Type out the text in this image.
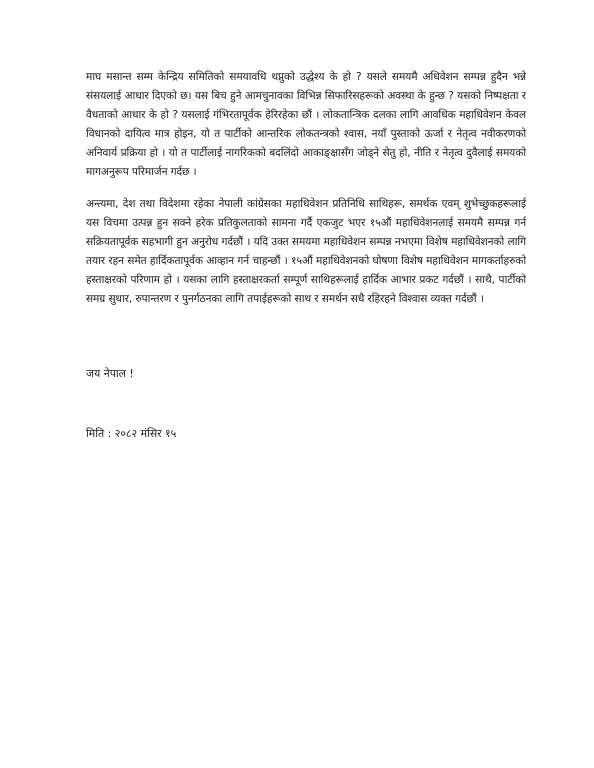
माघ मसान्त सम्म केन्द्रिय समितिको समयावधि थप्नुको उद्धेश्य के हो ? यसले समयमै अधिवेशन सम्पन्न हुदैन भन्ने संसयलाई आधार दिएको छ। यस बिच हुने आमचुनावका विभिन्न सिफारिसहरूको अवस्था के हुन्छ ? यसको निष्पक्षता र वैधताको आधार के हो ? यसलाई गंभिरतापूर्वक हेरिरहेका छौं । लोकतान्त्रिक दलका लागि आवधिक महाधिवेशन केवल विधानको दायित्व मात्र होइन, यो त पार्टीको आन्तरिक लोकतन्त्रको श्वास, नयाँ पुस्ताको ऊर्जा र नेतृत्व नवीकरणको अनिवार्य प्रक्रिया हो । यो त पार्टीलाई नागरिकको बदलिंदो आकाङ्क्षासँग जोड्ने सेतु हो, नीति र नेतृत्व दुवैलाई समयको मागअनुरूप परिमार्जन गर्दछ ।

अन्त्यमा, देश तथा विदेशमा रहेका नेपाली कांग्रेसका महाधिवेशन प्रतिनिधि साथिहरू, समर्थक एवम् शुभेच्छुकहरूलाई यस विचमा उत्पन्न हुन सक्ने हरेक प्रतिकुलताको सामना गर्दै एकजुट भएर १५औं महाधिवेशनलाई समयमै सम्पन्न गर्न सक्रियतापूर्वक सहभागी हुन अनुरोध गर्दछौं । यदि उक्त समयमा महाधिवेशन सम्पन्न नभएमा विशेष महाधिवेशनको लागि तयार रहन समेत हार्दिकतापूर्वक आव्हान गर्न चाहन्छौं । १५औं महाधिवेशनको घोषणा विशेष महाधिवेशन मागकर्ताहरुको हस्ताक्षरको परिणाम हो । यसका लागि हस्ताक्षरकर्ता सम्पूर्ण साथिहरूलाई हार्दिक आभार प्रकट गर्दछौं । साथै, पार्टीको समग्र सुधार, रुपान्तरण र पुनर्गठनका लागि तपाईहरूको साथ र समर्थन सधै रहिरहने विश्वास व्यक्त गर्दछौं ।

जय नेपाल !

मिति : २०८२ मंसिर १५
